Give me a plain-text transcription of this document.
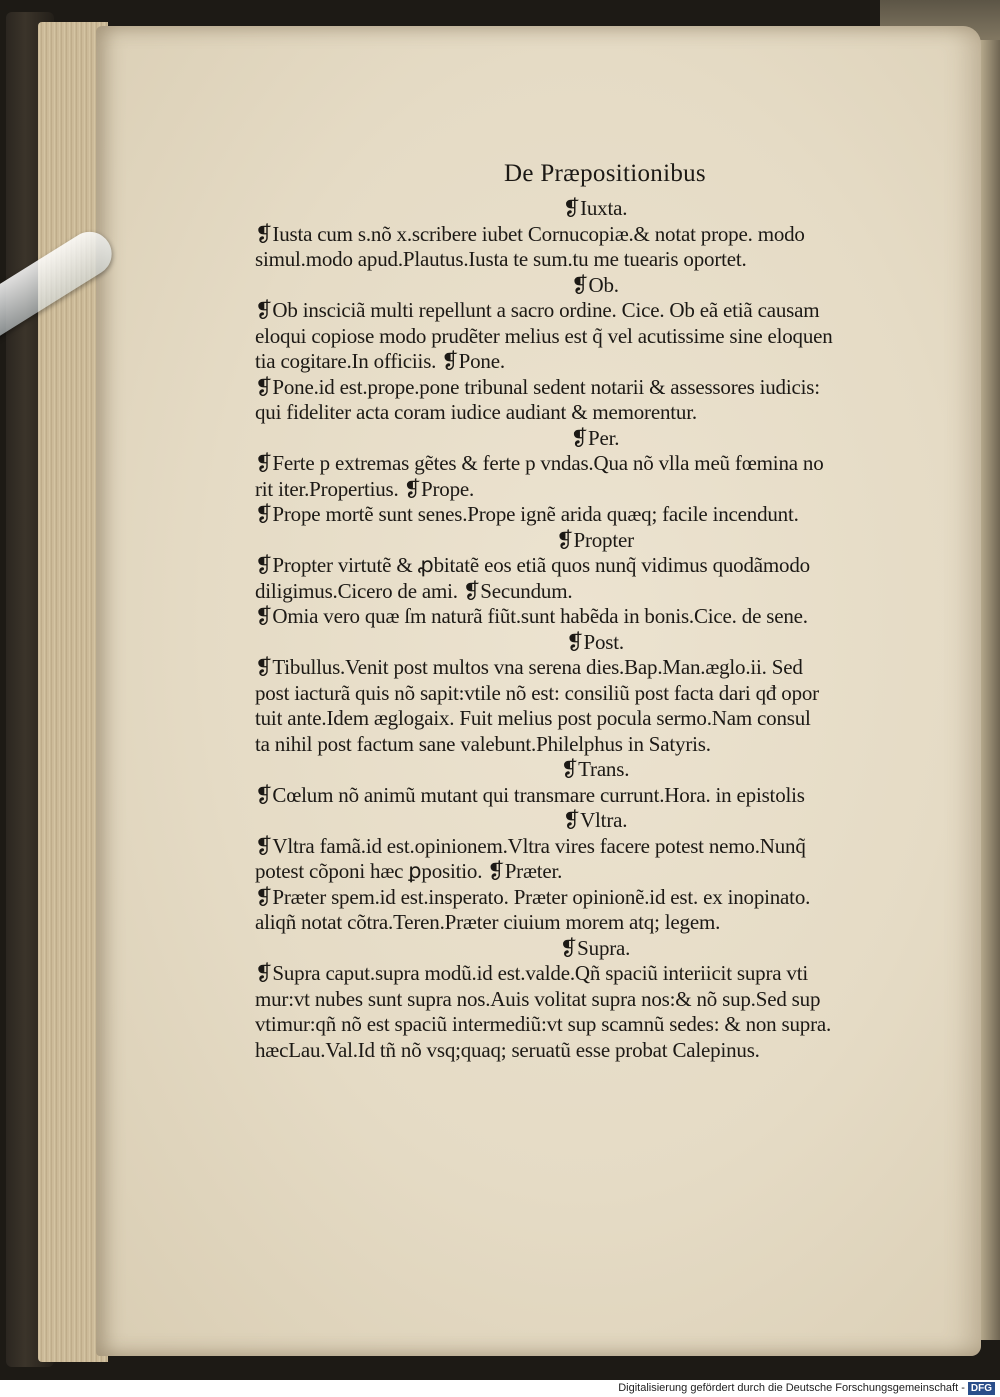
De Præpositionibus

❡Iuxta.

❡Iusta cum s.nõ x.scribere iubet Cornucopiæ.& notat prope. modo

simul.modo apud.Plautus.Iusta te sum.tu me tuearis oportet.

❡Ob.

❡Ob insciciã multi repellunt a sacro ordine. Cice. Ob eã etiã causam

eloqui copiose modo prudẽter melius est q̃ vel acutissime sine eloquen

tia cogitare.In officiis. ❡Pone.

❡Pone.id est.prope.pone tribunal sedent notarii & assessores iudicis:

qui fideliter acta coram iudice audiant & memorentur.

❡Per.

❡Ferte p extremas gẽtes & ferte p vndas.Qua nõ vlla meũ fœmina no

rit iter.Propertius. ❡Prope.

❡Prope mortẽ sunt senes.Prope ignẽ arida quæq; facile incendunt.

❡Propter

❡Propter virtutẽ & ꝓbitatẽ eos etiã quos nunq̃ vidimus quodãmodo

diligimus.Cicero de ami. ❡Secundum.

❡Omia vero quæ ſm naturã fiũt.sunt habẽda in bonis.Cice. de sene.

❡Post.

❡Tibullus.Venit post multos vna serena dies.Bap.Man.æglo.ii. Sed

post iacturã quis nõ sapit:vtile nõ est: consiliũ post facta dari qđ opor

tuit ante.Idem æglogaix. Fuit melius post pocula sermo.Nam consul

ta nihil post factum sane valebunt.Philelphus in Satyris.

❡Trans.

❡Cœlum nõ animũ mutant qui transmare currunt.Hora. in epistolis

❡Vltra.

❡Vltra famã.id est.opinionem.Vltra vires facere potest nemo.Nunq̃

potest cõponi hæc ꝑpositio. ❡Præter.

❡Præter spem.id est.insperato. Præter opinionẽ.id est. ex inopinato.

aliqñ notat cõtra.Teren.Præter ciuium morem atq; legem.

❡Supra.

❡Supra caput.supra modũ.id est.valde.Qñ spaciũ interiicit supra vti

mur:vt nubes sunt supra nos.Auis volitat supra nos:& nõ sup.Sed sup

vtimur:qñ nõ est spaciũ intermediũ:vt sup scamnũ sedes: & non supra.

hæcLau.Val.Id tñ nõ vsq;quaq; seruatũ esse probat Calepinus.

Digitalisierung gefördert durch die Deutsche Forschungsgemeinschaft - DFG
